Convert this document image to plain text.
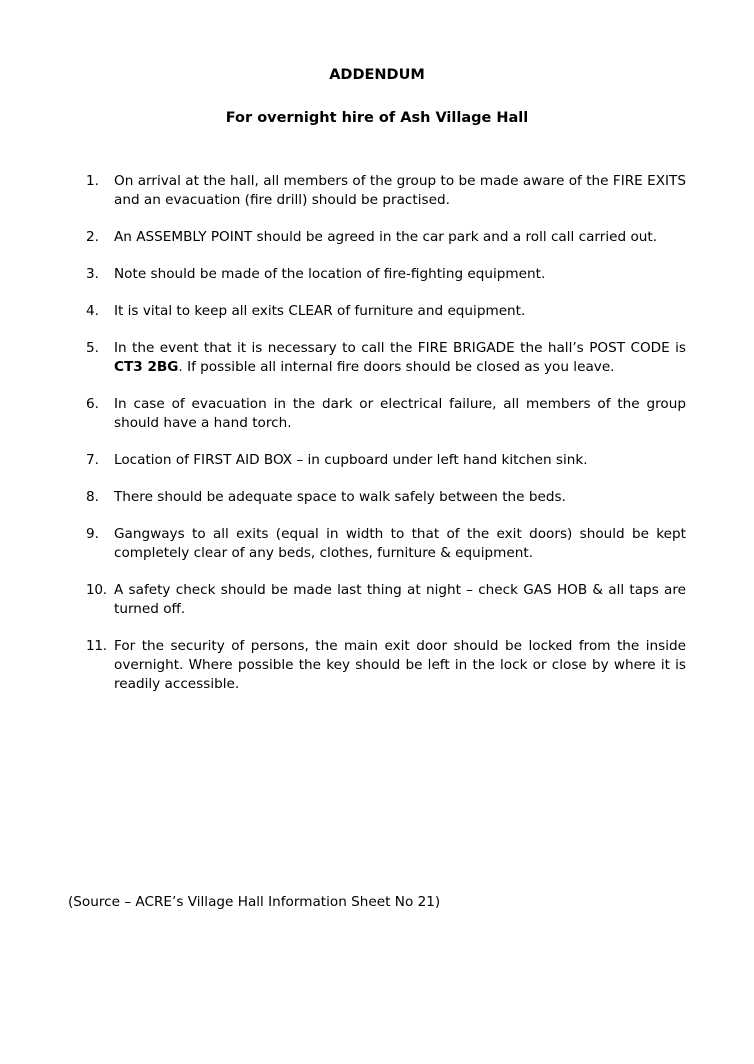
ADDENDUM
For overnight hire of Ash Village Hall
1.	On arrival at the hall, all members of the group to be made aware of the FIRE EXITS and an evacuation (fire drill) should be practised.
2.	An ASSEMBLY POINT should be agreed in the car park and a roll call carried out.
3.	Note should be made of the location of fire-fighting equipment.
4.	It is vital to keep all exits CLEAR of furniture and equipment.
5.	In the event that it is necessary to call the FIRE BRIGADE the hall’s POST CODE is CT3 2BG. If possible all internal fire doors should be closed as you leave.
6.	In case of evacuation in the dark or electrical failure, all members of the group should have a hand torch.
7.	Location of FIRST AID BOX – in cupboard under left hand kitchen sink.
8.	There should be adequate space to walk safely between the beds.
9.	Gangways to all exits (equal in width to that of the exit doors) should be kept completely clear of any beds, clothes, furniture & equipment.
10. A safety check should be made last thing at night – check GAS HOB & all taps are turned off.
11. For the security of persons, the main exit door should be locked from the inside overnight. Where possible the key should be left in the lock or close by where it is readily accessible.
(Source – ACRE’s Village Hall Information Sheet No 21)
